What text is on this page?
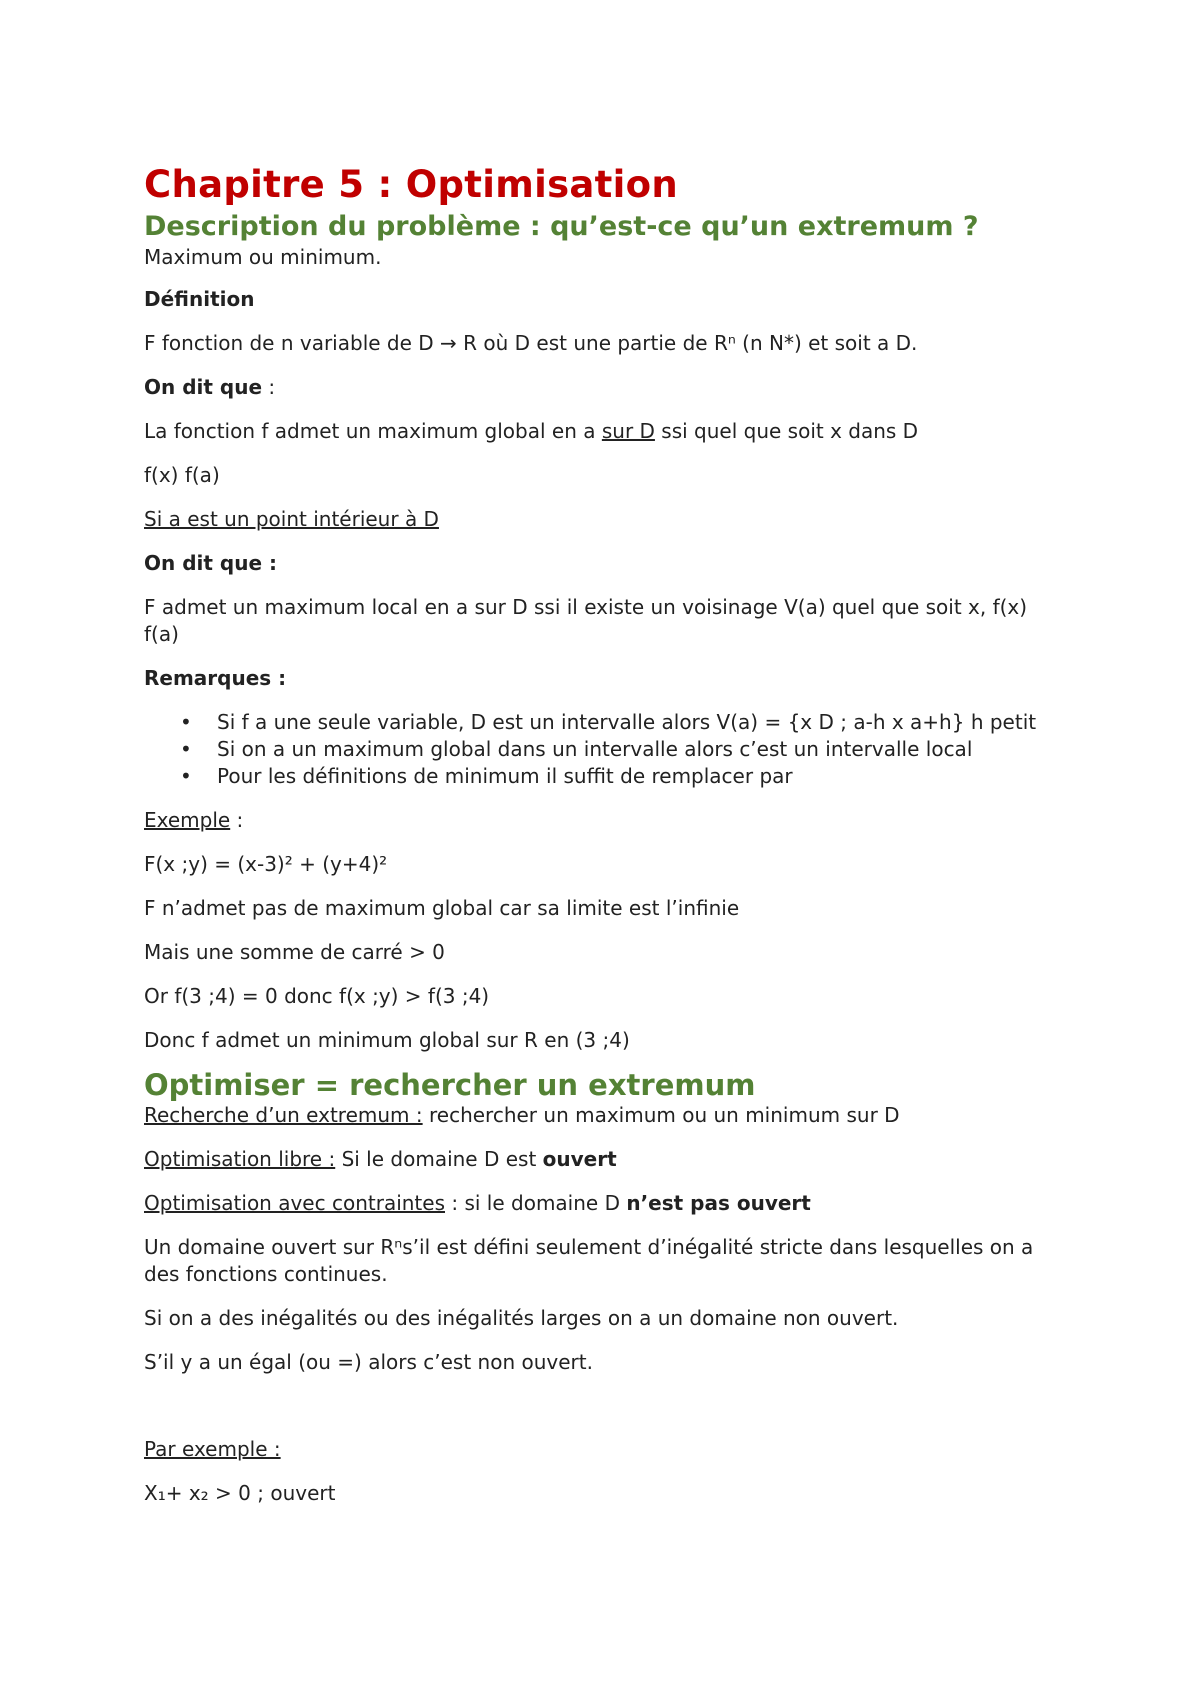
Chapitre 5 : Optimisation
Description du problème : qu’est-ce qu’un extremum ?

Maximum ou minimum.

Définition

F fonction de n variable de D → R où D est une partie de Rⁿ (n N*) et soit a D.

On dit que :

La fonction f admet un maximum global en a sur D ssi quel que soit x dans D

f(x) f(a)

Si a est un point intérieur à D

On dit que :

F admet un maximum local en a sur D ssi il existe un voisinage V(a) quel que soit x, f(x) f(a)

Remarques :

• Si f a une seule variable, D est un intervalle alors V(a) = {x D ; a-h x a+h} h petit
• Si on a un maximum global dans un intervalle alors c’est un intervalle local
• Pour les définitions de minimum il suffit de remplacer par

Exemple :

F(x ;y) = (x-3)² + (y+4)²

F n’admet pas de maximum global car sa limite est l’infinie

Mais une somme de carré > 0

Or f(3 ;4) = 0 donc f(x ;y) > f(3 ;4)

Donc f admet un minimum global sur R en (3 ;4)

Optimiser = rechercher un extremum

Recherche d’un extremum : rechercher un maximum ou un minimum sur D

Optimisation libre : Si le domaine D est ouvert

Optimisation avec contraintes : si le domaine D n’est pas ouvert

Un domaine ouvert sur Rⁿs’il est défini seulement d’inégalité stricte dans lesquelles on a des fonctions continues.

Si on a des inégalités ou des inégalités larges on a un domaine non ouvert.

S’il y a un égal (ou =) alors c’est non ouvert.

Par exemple :

X₁+ x₂ > 0 ; ouvert
